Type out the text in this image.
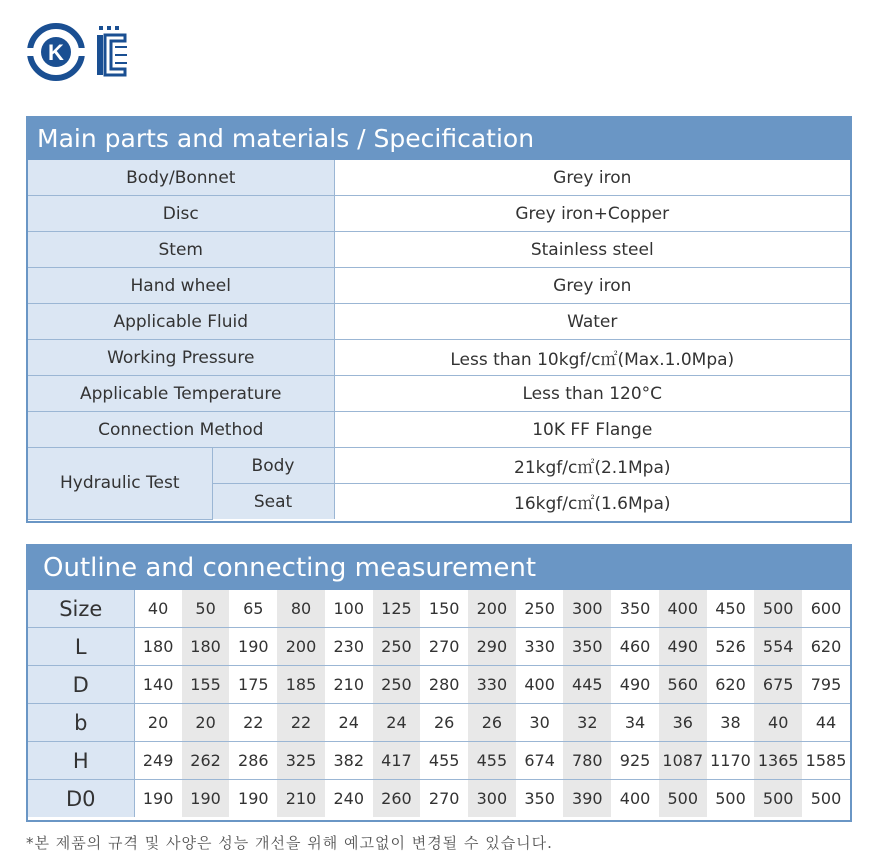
K
Main parts and materials / Specification
Body/Bonnet		Grey iron
Disc		Grey iron+Copper
Stem		Stainless steel
Hand wheel		Grey iron
Applicable Fluid		Water
Working Pressure		Less than 10kgf/c㎡(Max.1.0Mpa)
Applicable Temperature		Less than 120°C
Connection Method		10K FF Flange
Hydraulic Test	Body	21kgf/c㎡(2.1Mpa)
	Seat	16kgf/c㎡(1.6Mpa)
Outline and connecting measurement
Size	40	50	65	80	100	125	150	200	250	300	350	400	450	500	600
L	180	180	190	200	230	250	270	290	330	350	460	490	526	554	620
D	140	155	175	185	210	250	280	330	400	445	490	560	620	675	795
b	20	20	22	22	24	24	26	26	30	32	34	36	38	40	44
H	249	262	286	325	382	417	455	455	674	780	925	1087	1170	1365	1585
D0	190	190	190	210	240	260	270	300	350	390	400	500	500	500	500
*본 제품의 규격 및 사양은 성능 개선을 위해 예고없이 변경될 수 있습니다.
